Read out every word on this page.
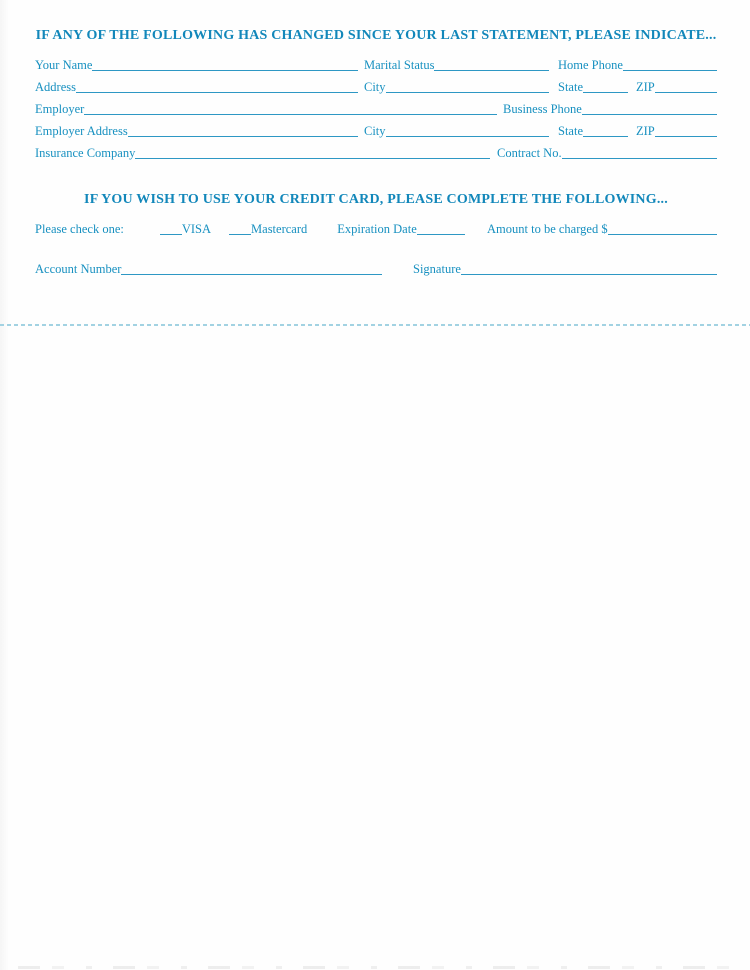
IF ANY OF THE FOLLOWING HAS CHANGED SINCE YOUR LAST STATEMENT, PLEASE INDICATE...
Your Name	Marital Status	Home Phone
Address	City	State	ZIP
Employer	Business Phone
Employer Address	City	State	ZIP
Insurance Company	Contract No.
IF YOU WISH TO USE YOUR CREDIT CARD, PLEASE COMPLETE THE FOLLOWING...
Please check one:	VISA	Mastercard Expiration Date	Amount to be charged $
Account Number	Signature
